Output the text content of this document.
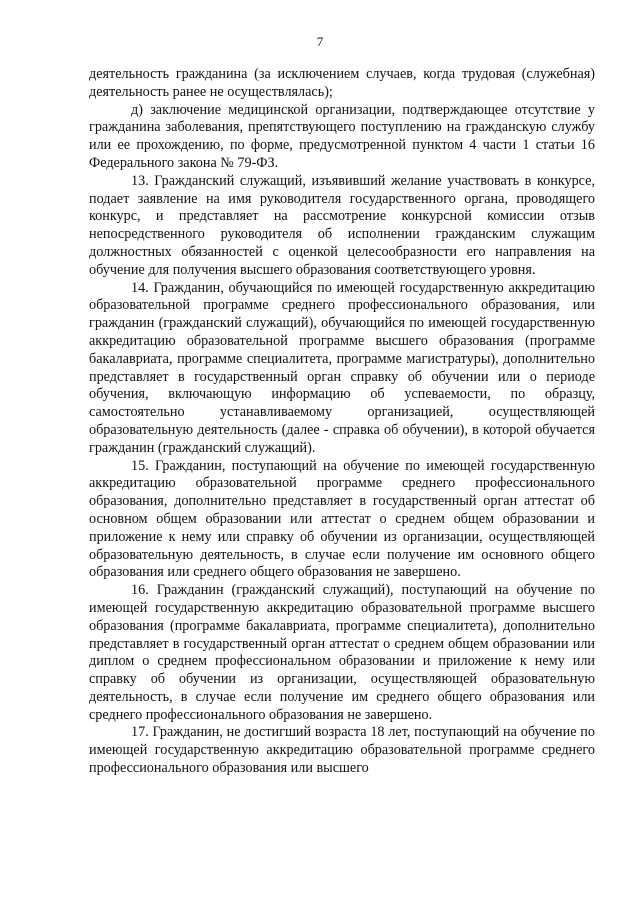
7

деятельность гражданина (за исключением случаев, когда трудовая (служебная) деятельность ранее не осуществлялась);

д) заключение медицинской организации, подтверждающее отсутствие у гражданина заболевания, препятствующего поступлению на гражданскую службу или ее прохождению, по форме, предусмотренной пунктом 4 части 1 статьи 16 Федерального закона № 79-ФЗ.

13. Гражданский служащий, изъявивший желание участвовать в конкурсе, подает заявление на имя руководителя государственного органа, проводящего конкурс, и представляет на рассмотрение конкурсной комиссии отзыв непосредственного руководителя об исполнении гражданским служащим должностных обязанностей с оценкой целесообразности его направления на обучение для получения высшего образования соответствующего уровня.

14. Гражданин, обучающийся по имеющей государственную аккредитацию образовательной программе среднего профессионального образования, или гражданин (гражданский служащий), обучающийся по имеющей государственную аккредитацию образовательной программе высшего образования (программе бакалавриата, программе специалитета, программе магистратуры), дополнительно представляет в государственный орган справку об обучении или о периоде обучения, включающую информацию об успеваемости, по образцу, самостоятельно устанавливаемому организацией, осуществляющей образовательную деятельность (далее - справка об обучении), в которой обучается гражданин (гражданский служащий).

15. Гражданин, поступающий на обучение по имеющей государственную аккредитацию образовательной программе среднего профессионального образования, дополнительно представляет в государственный орган аттестат об основном общем образовании или аттестат о среднем общем образовании и приложение к нему или справку об обучении из организации, осуществляющей образовательную деятельность, в случае если получение им основного общего образования или среднего общего образования не завершено.

16. Гражданин (гражданский служащий), поступающий на обучение по имеющей государственную аккредитацию образовательной программе высшего образования (программе бакалавриата, программе специалитета), дополнительно представляет в государственный орган аттестат о среднем общем образовании или диплом о среднем профессиональном образовании и приложение к нему или справку об обучении из организации, осуществляющей образовательную деятельность, в случае если получение им среднего общего образования или среднего профессионального образования не завершено.

17. Гражданин, не достигший возраста 18 лет, поступающий на обучение по имеющей государственную аккредитацию образовательной программе среднего профессионального образования или высшего
